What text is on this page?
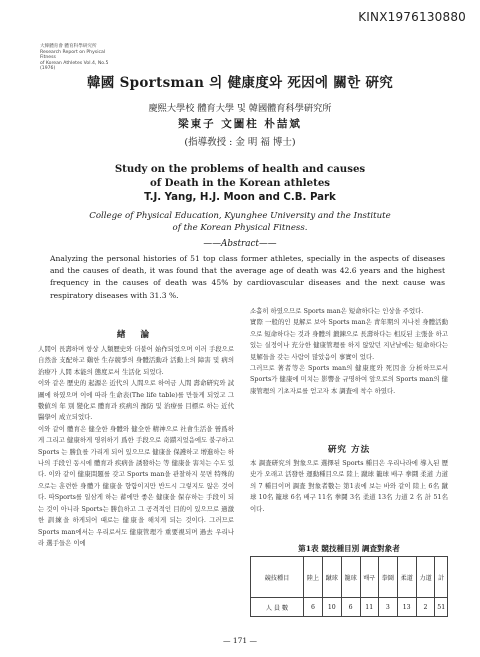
KINX1976130880
大韓體育會 體育科學研究所
Research Report on Physical Fitness
of Korean Athletes Vol.4, No.5 (1976)
韓國 Sportsman 의 健康度와 死因에 關한 硏究
慶熙大學校 體育大學 및 韓國體育科學硏究所
梁東子 文圖柱 朴喆斌
(指導敎授 : 金 明 福 博士)
Study on the problems of health and causes
of Death in the Korean athletes
T.J. Yang, H.J. Moon and C.B. Park
College of Physical Education, Kyunghee University and the Institute
of the Korean Physical Fitness.
——Abstract——
Analyzing the personal histories of 51 top class former athletes, specially in the aspects of diseases and the causes of death, it was found that the average age of death was 42.6 years and the highest frequency in the causes of death was 45% by cardiovascular diseases and the next cause was respiratory diseases with 31.3 %.
緖 論

人間이 長壽하며 항상 人類歷史와 더불어 始作되었으며 이러 手段으로 自然을 支配하고 鷄한 生存競爭의 身體活動과 活動上의 障害 및 病의 治療가 人間 本能의 態度로서 生活化 되었다.

이와 같은 歷史的 起源은 近代의 人間으로 하여금 人間 壽命硏究와 試圖에 하였으며 이에 따라 生命表(The life table)를 만들게 되었고 그 數値의 年 別 變化로 體育과 疾病의 豫防 및 治療를 目標로 하는 近代醫學이 成立되었다.

이와 같이 體育은 健全한 身體와 健全한 精神으로 社會生活을 營爲하게 그리고 健康하게 영위하기 爲한 手段으로 奇蹟지었음에도 불구하고 Sports 는 勝負를 가리게 되어 있으므로 健康을 保護하고 增進하는 하나의 手段인 동시에 體育과 疾病을 誘發하는 等 健康을 害치는 수도 있다. 이와 같이 健康問題를 갖고 Sports man을 관찰하지 못면 特殊的으로는 훈련한 身體가 健康을 향함이지만 반드시 그렇지도 않은 것이다. 따Sports를 일삼게 하는 蓄에만 좋은 健康을 保存하는 手段이 되는 것이 아니라 Sports는 勝負하고 그 공격적인 目的이 있으므로 過激한 訓練을 하게되어 때로는 健康을 해치게 되는 것이다. 그러므로 Sports man에서는 우리로서도 健康管理가 重要視되며 過去 우리나라 選手들은 이에

소홀히 하였으므로 Sports man은 短命하다는 인상을 주었다.

實際 一般的인 見解로 보아 Sports man은 靑年期의 지나친 身體活動으로 短命하다는 것과 身體의 鍛鍊으로 長壽하다는 相反된 主張을 하고 있는 실정이나 充分한 健康管理를 하지 않았던 지난날에는 短命하다는 見解들을 갖는 사람이 많았음이 事實이 었다.

그러므로 著者等은 Sports man의 健康度와 死因을 分析하므로서 Sports가 健康에 미치는 影響을 규명하여 앞으로의 Sports man의 健康管理의 기초자료를 얻고자 本 調査에 착수 하였다.

硏究 方法

本 調査硏究의 對象으로 選擇된 Sports 種目은 우리나라에 導入된 歷史가 오래고 活發한 運動種目으로 陸上 蹴球 籠球 배구 拳鬪 柔道 力道의 7 種目이며 調査 對象者數는 第1表에 보는 바와 같이 陸上 6名 蹴球 10名 籠球 6名 배구 11名 拳鬪 3名 柔道 13名 力道 2 名 計 51名 이다.

第1表 競技種目別 調査對象者
競技種目	陸上	蹴球	籠球	배구	拳鬪	柔道	力道	計
人 員 數	6	10	6	11	3	13	2	51
— 171 —
